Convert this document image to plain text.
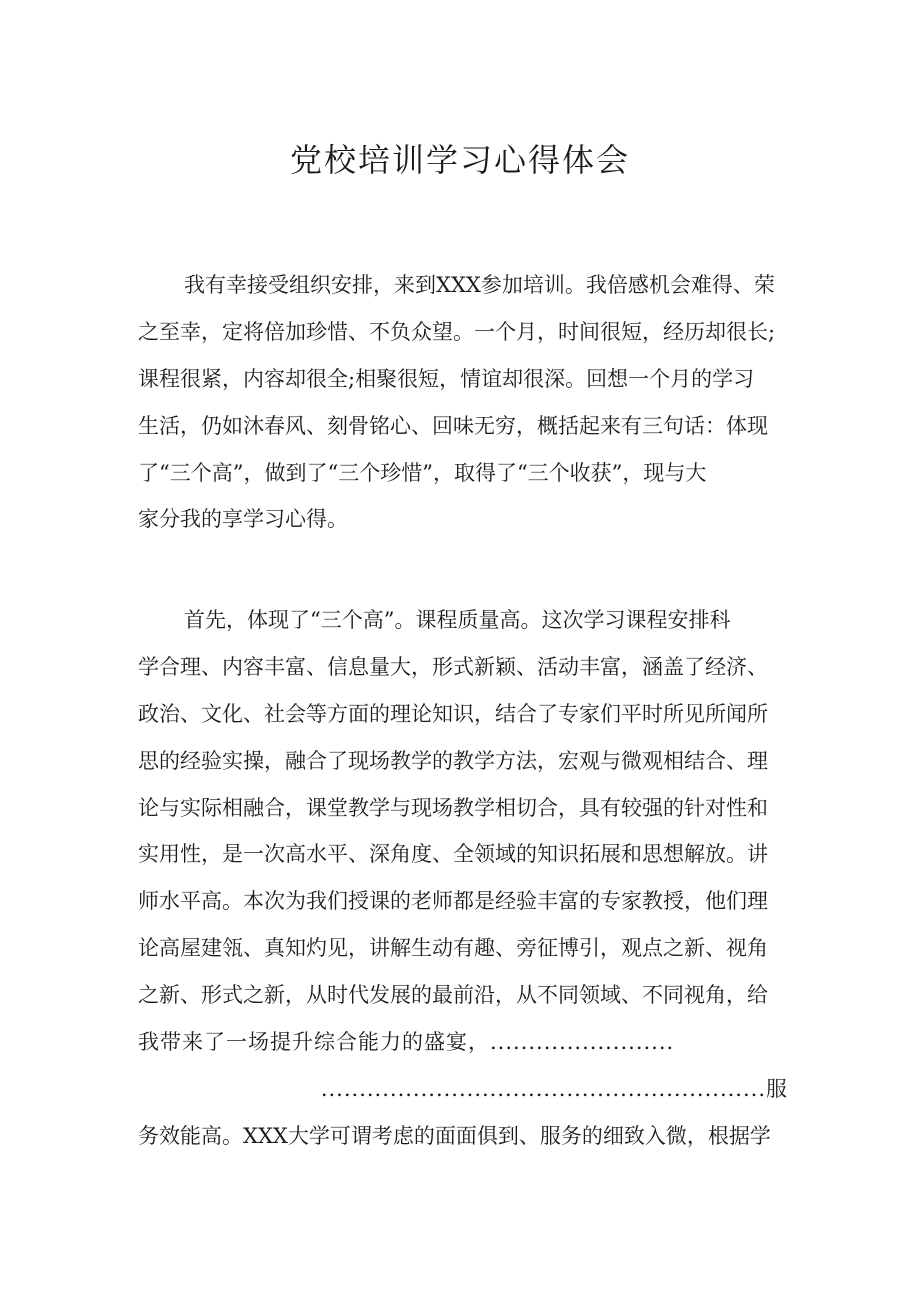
党校培训学习心得体会
我有幸接受组织安排，来到XXX参加培训。我倍感机会难得、荣
之至幸，定将倍加珍惜、不负众望。一个月，时间很短，经历却很长;
课程很紧，内容却很全;相聚很短，情谊却很深。回想一个月的学习
生活，仍如沐春风、刻骨铭心、回味无穷，概括起来有三句话：体现
了“三个高”，做到了“三个珍惜”，取得了“三个收获”，现与大
家分我的享学习心得。
首先，体现了“三个高”。课程质量高。这次学习课程安排科
学合理、内容丰富、信息量大，形式新颖、活动丰富，涵盖了经济、
政治、文化、社会等方面的理论知识，结合了专家们平时所见所闻所
思的经验实操，融合了现场教学的教学方法，宏观与微观相结合、理
论与实际相融合，课堂教学与现场教学相切合，具有较强的针对性和
实用性，是一次高水平、深角度、全领域的知识拓展和思想解放。讲
师水平高。本次为我们授课的老师都是经验丰富的专家教授，他们理
论高屋建瓴、真知灼见，讲解生动有趣、旁征博引，观点之新、视角
之新、形式之新，从时代发展的最前沿，从不同领域、不同视角，给
我带来了一场提升综合能力的盛宴，........................
..........................................................服
务效能高。XXX大学可谓考虑的面面俱到、服务的细致入微，根据学
